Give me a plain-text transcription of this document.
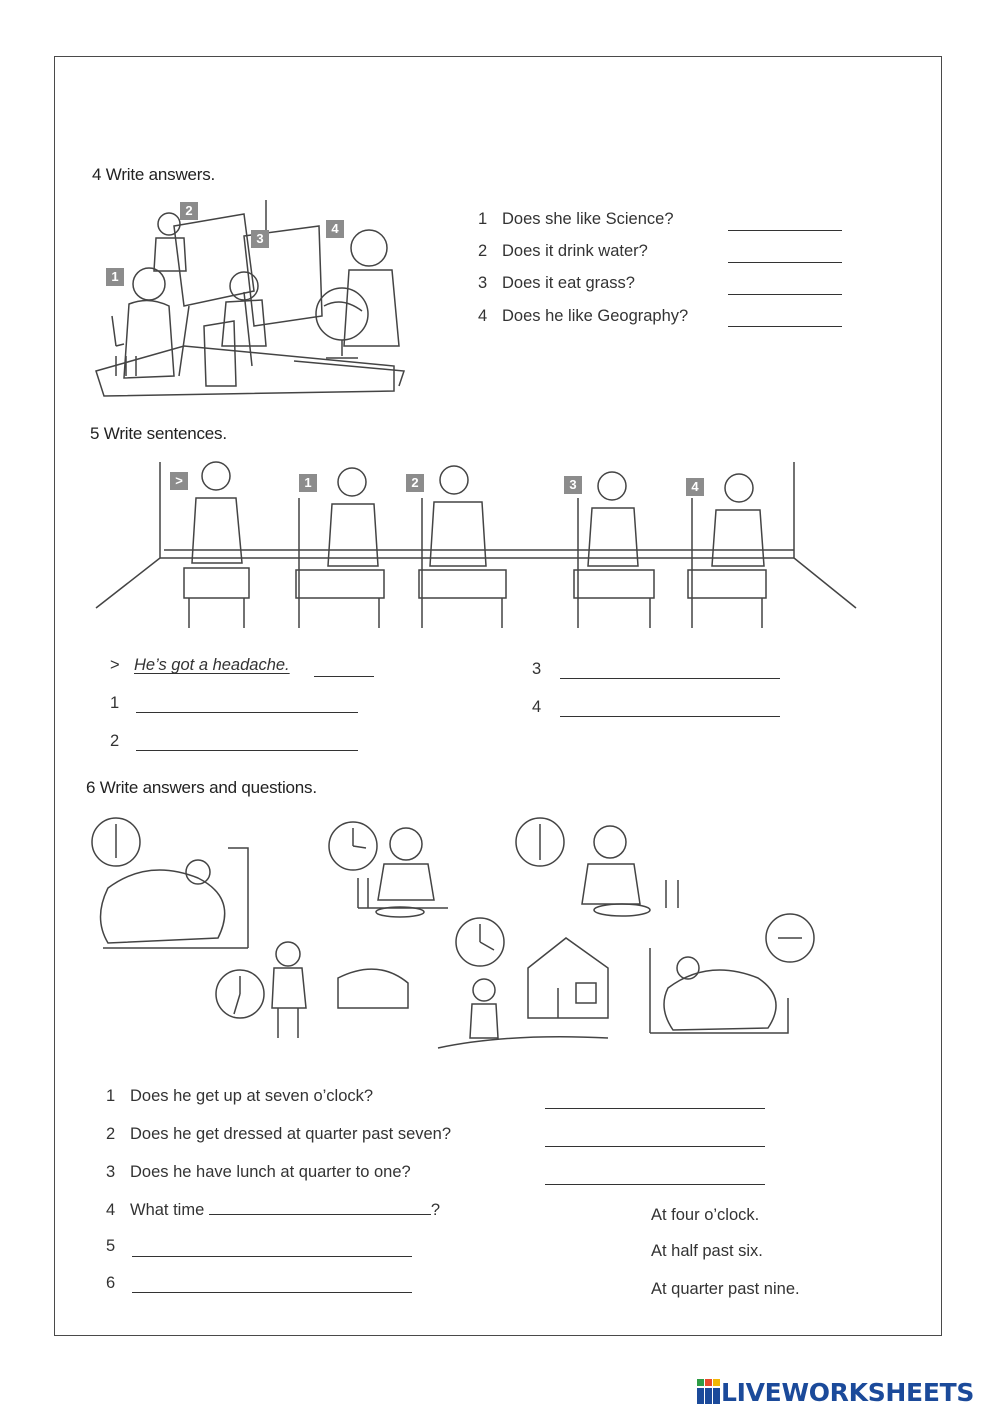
4 Write answers.
1
2
3
4
1 Does she like Science?
2 Does it drink water?
3 Does it eat grass?
4 Does he like Geography?
5 Write sentences.
>	1	2	3	4
> He’s got a headache.
1
2
3
4
6 Write answers and questions.
1 Does he get up at seven o’clock?
2 Does he get dressed at quarter past seven?
3 Does he have lunch at quarter to one?
4 What time	?	At four o’clock.
5	At half past six.
6	At quarter past nine.
LIVEWORKSHEETS
